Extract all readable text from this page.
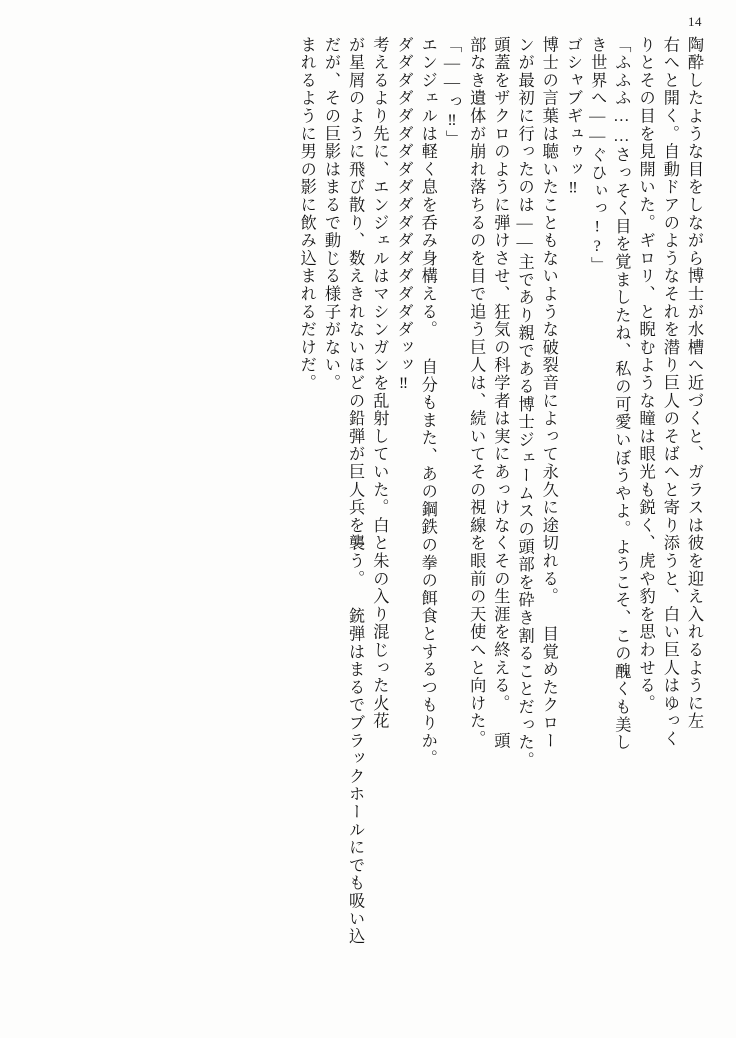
14
陶酔したような目をしながら博士が水槽へ近づくと、ガラスは彼を迎え入れるように左
右へと開く。自動ドアのようなそれを潜り巨人のそばへと寄り添うと、白い巨人はゆっく
りとその目を見開いた。ギロリ、と睨むような瞳は眼光も鋭く、虎や豹を思わせる。
「ふふふ……さっそく目を覚ましたね、私の可愛いぼうやよ。ようこそ、この醜くも美し
き世界へ――ぐひぃっ!?」
ゴシャブギュゥッ‼
博士の言葉は聴いたこともないような破裂音によって永久に途切れる。 目覚めたクロー
ンが最初に行ったのは――主であり親である博士ジェームスの頭部を砕き割ることだった。
頭蓋をザクロのように弾けさせ、狂気の科学者は実にあっけなくその生涯を終える。 頭
部なき遺体が崩れ落ちるのを目で追う巨人は、続いてその視線を眼前の天使へと向けた。
「――っ‼」
エンジェルは軽く息を呑み身構える。 自分もまた、あの鋼鉄の拳の餌食とするつもりか。
ダダダダダダダダダダダダダダダダダッッ‼
考えるより先に、エンジェルはマシンガンを乱射していた。白と朱の入り混じった火花
が星屑のように飛び散り、数えきれないほどの鉛弾が巨人兵を襲う。 銃弾はまるでブラックホールにでも吸い込
だが、その巨影はまるで動じる様子がない。
まれるように男の影に飲み込まれるだけだ。
